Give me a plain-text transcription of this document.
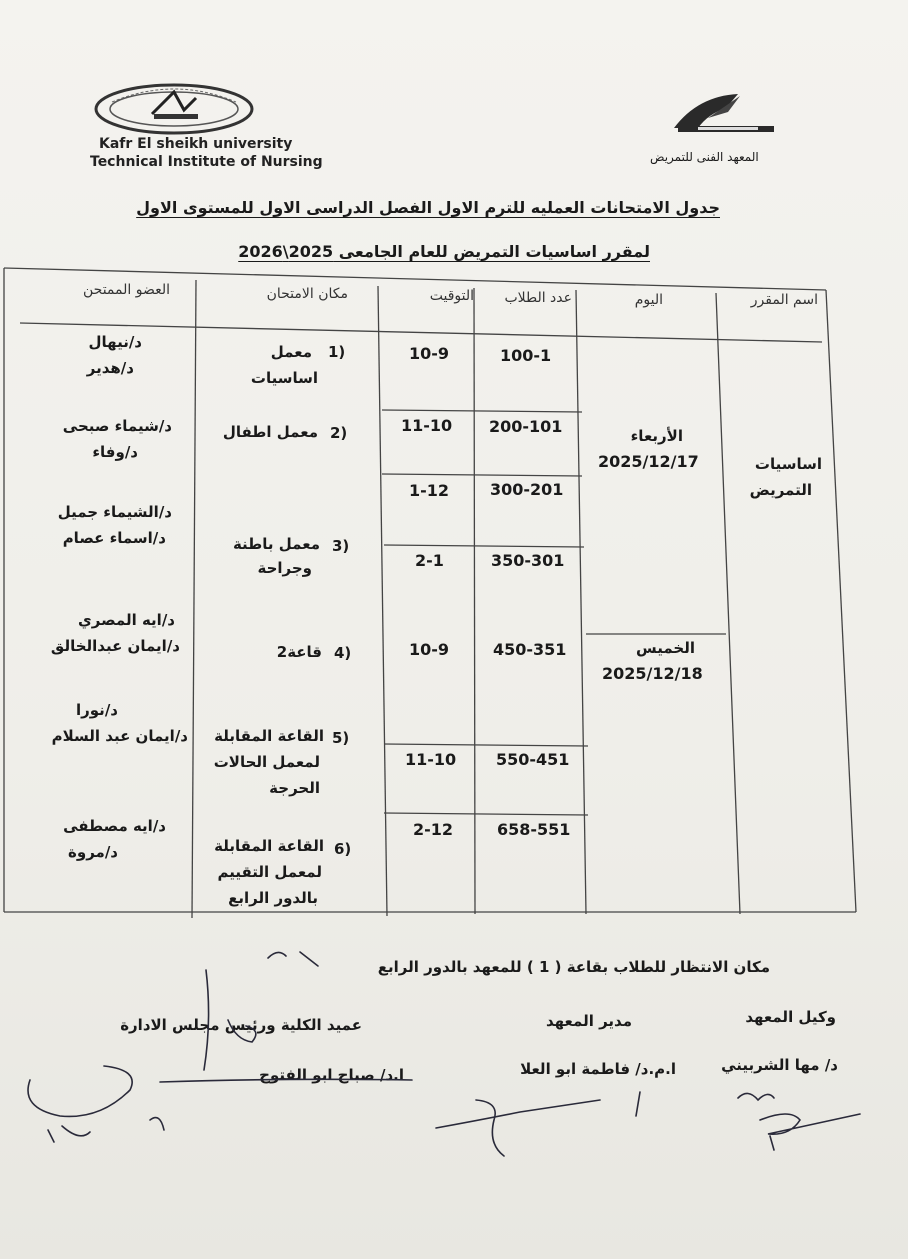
Kafr El sheikh university
Technical Institute of Nursing	المعهد الفنى للتمريض
جدول الامتحانات العمليه للترم الاول الفصل الدراسى الاول للمستوى الاول
لمقرر اساسيات التمريض للعام الجامعى 2025\2026
اسم المقرر
اليوم
عدد الطلاب
التوقيت
مكان الامتحان
العضو الممتحن
اساسيات
التمريض
الأربعاء
2025/12/17
الخميس
2025/12/18
100-1
10-9
200-101
11-10
300-201
1-12
350-301
2-1
450-351
10-9
550-451
11-10
658-551
2-12
1)
معمل
اساسيات
2)
معمل اطفال
3)
معمل باطنة
وجراحة
4)
قاعة2
5)
القاعة المقابلة
لمعمل الحالات
الحرجة
6)
القاعة المقابلة
لمعمل التقييم
بالدور الرابع
د/نيهال
د/هدير
د/شيماء صبحى
د/وفاء
د/الشيماء جميل
د/اسماء عصام
د/ايه المصري
د/ايمان عبدالخالق
د/نورا
د/ايمان عبد السلام
د/ايه مصطفى
د/مروة
مكان الانتظار للطلاب بقاعة ( 1 ) للمعهد بالدور الرابع
وكيل المعهد
د/ مها الشربيني
مدير المعهد
ا.م.د/ فاطمة ابو العلا
عميد الكلية ورئيس مجلس الادارة
ا.د/ صباح ابو الفتوح
